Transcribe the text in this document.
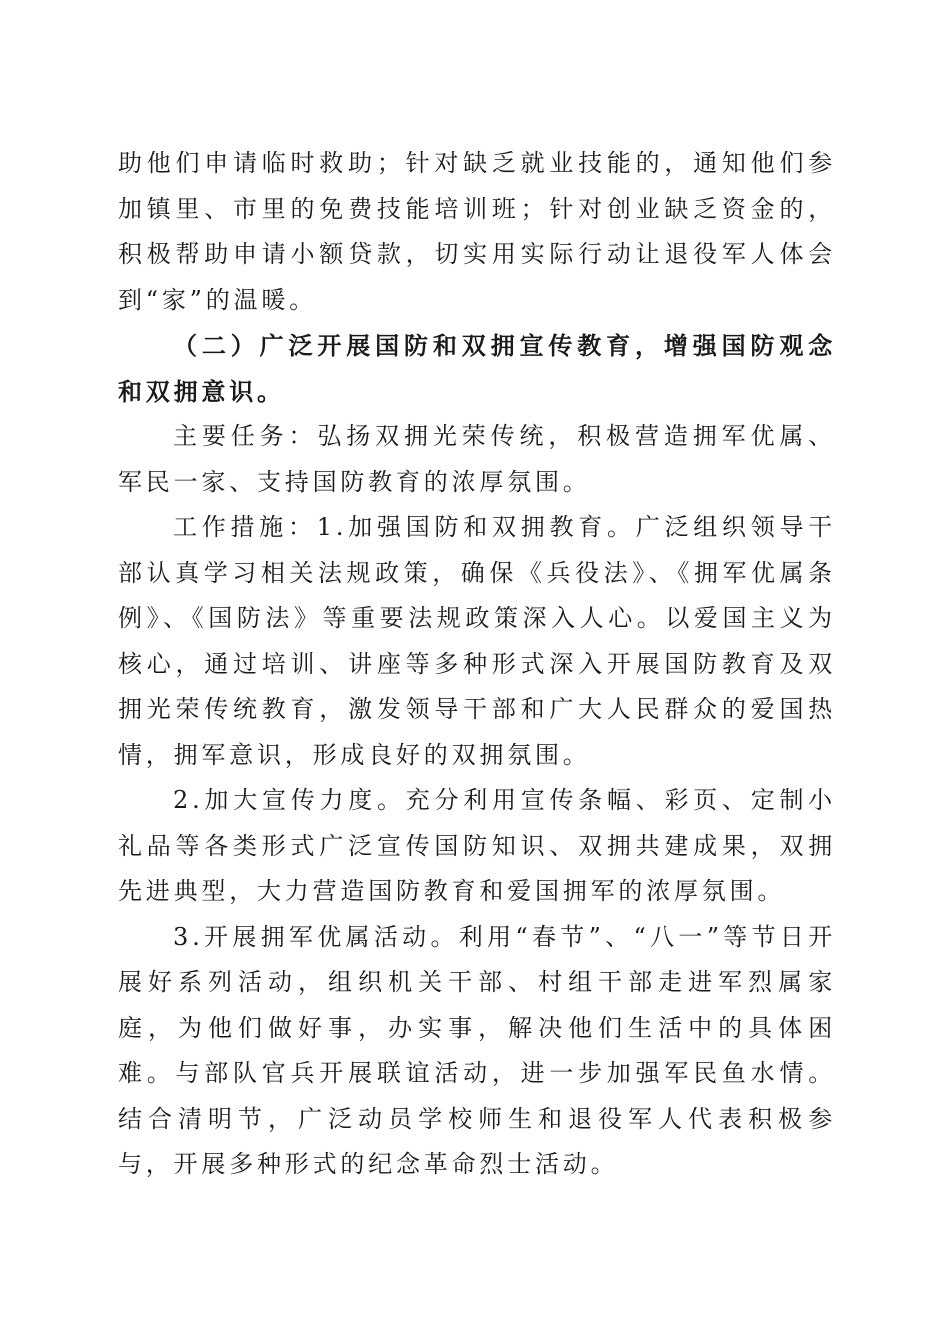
助他们申请临时救助；针对缺乏就业技能的，通知他们参加镇里、市里的免费技能培训班；针对创业缺乏资金的，积极帮助申请小额贷款，切实用实际行动让退役军人体会到“家”的温暖。

（二）广泛开展国防和双拥宣传教育，增强国防观念和双拥意识。

主要任务：弘扬双拥光荣传统，积极营造拥军优属、军民一家、支持国防教育的浓厚氛围。

工作措施：1.加强国防和双拥教育。广泛组织领导干部认真学习相关法规政策，确保《兵役法》、《拥军优属条例》、《国防法》等重要法规政策深入人心。以爱国主义为核心，通过培训、讲座等多种形式深入开展国防教育及双拥光荣传统教育，激发领导干部和广大人民群众的爱国热情，拥军意识，形成良好的双拥氛围。

2.加大宣传力度。充分利用宣传条幅、彩页、定制小礼品等各类形式广泛宣传国防知识、双拥共建成果，双拥先进典型，大力营造国防教育和爱国拥军的浓厚氛围。

3.开展拥军优属活动。利用“春节”、“八一”等节日开展好系列活动，组织机关干部、村组干部走进军烈属家庭，为他们做好事，办实事，解决他们生活中的具体困难。与部队官兵开展联谊活动，进一步加强军民鱼水情。结合清明节，广泛动员学校师生和退役军人代表积极参与，开展多种形式的纪念革命烈士活动。
